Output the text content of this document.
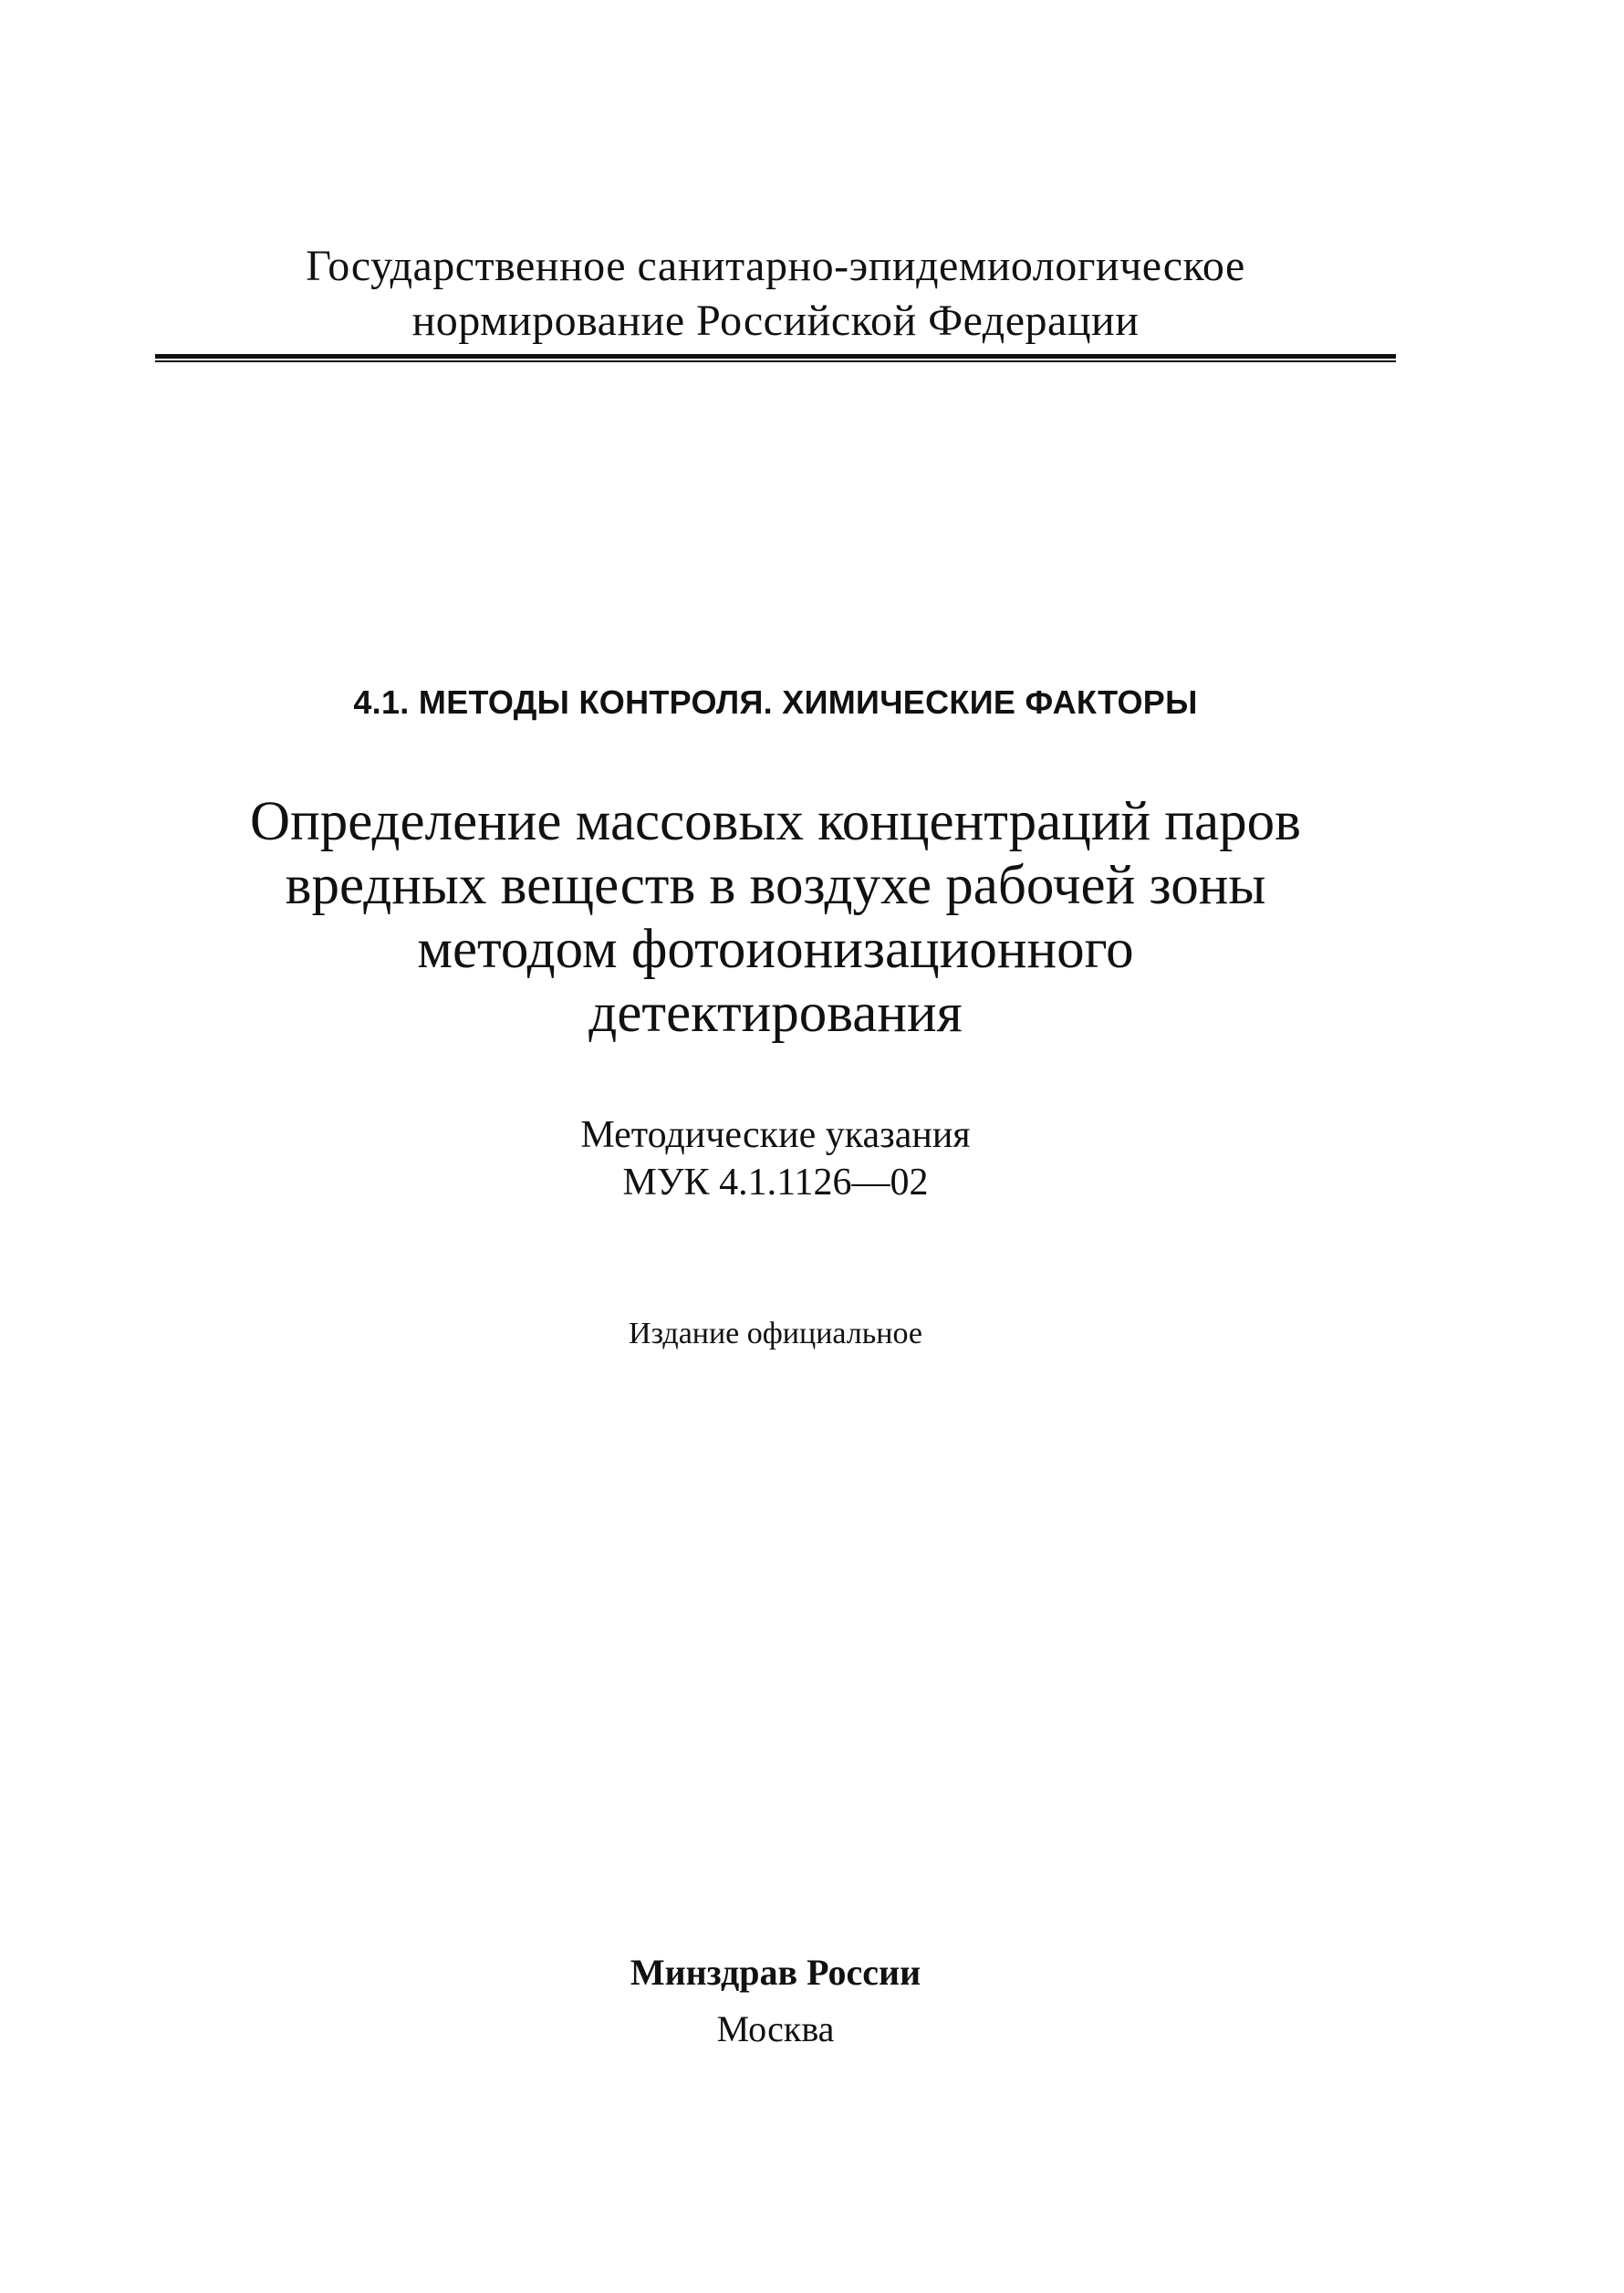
Государственное санитарно-эпидемиологическое
нормирование Российской Федерации
4.1. МЕТОДЫ КОНТРОЛЯ. ХИМИЧЕСКИЕ ФАКТОРЫ
Определение массовых концентраций паров
вредных веществ в воздухе рабочей зоны
методом фотоионизационного
детектирования
Методические указания
МУК 4.1.1126—02
Издание официальное
Минздрав России
Москва
